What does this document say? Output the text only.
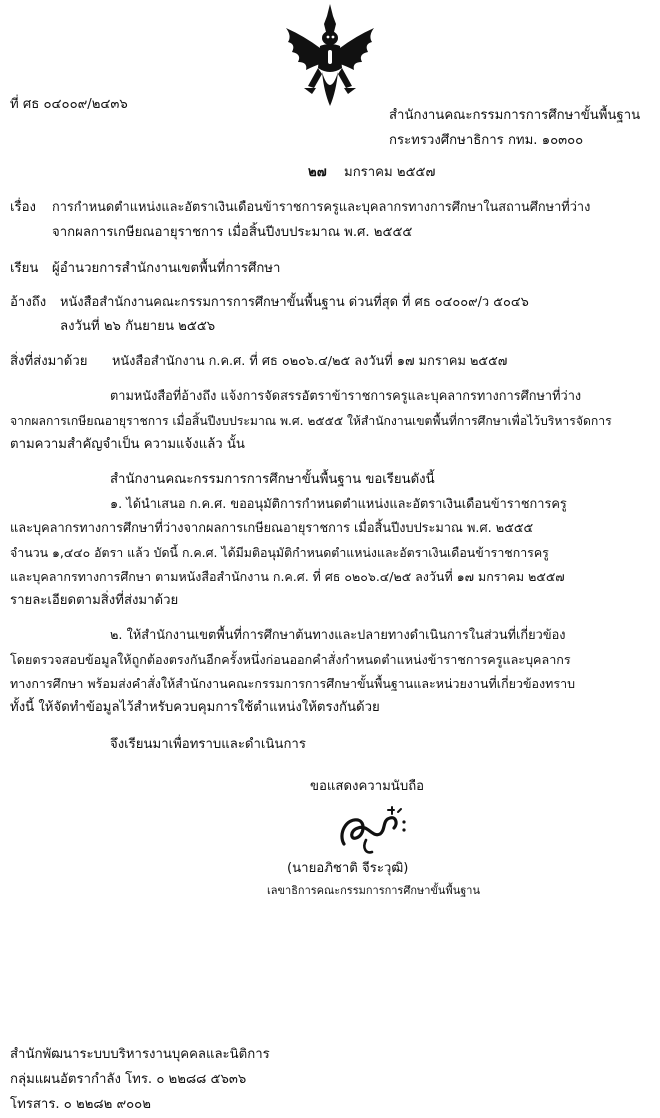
ที่ ศธ ๐๔๐๐๙/๒๔๓๖
สำนักงานคณะกรรมการการศึกษาขั้นพื้นฐาน
กระทรวงศึกษาธิการ กทม. ๑๐๓๐๐
๒๗ มกราคม ๒๕๕๗
เรื่อง การกำหนดตำแหน่งและอัตราเงินเดือนข้าราชการครูและบุคลากรทางการศึกษาในสถานศึกษาที่ว่าง
จากผลการเกษียณอายุราชการ เมื่อสิ้นปีงบประมาณ พ.ศ. ๒๕๕๕
เรียน ผู้อำนวยการสำนักงานเขตพื้นที่การศึกษา
อ้างถึง หนังสือสำนักงานคณะกรรมการการศึกษาขั้นพื้นฐาน ด่วนที่สุด ที่ ศธ ๐๔๐๐๙/ว ๕๐๔๖
ลงวันที่ ๒๖ กันยายน ๒๕๕๖
สิ่งที่ส่งมาด้วย หนังสือสำนักงาน ก.ค.ศ. ที่ ศธ ๐๒๐๖.๔/๒๕ ลงวันที่ ๑๗ มกราคม ๒๕๕๗
ตามหนังสือที่อ้างถึง แจ้งการจัดสรรอัตราข้าราชการครูและบุคลากรทางการศึกษาที่ว่าง
จากผลการเกษียณอายุราชการ เมื่อสิ้นปีงบประมาณ พ.ศ. ๒๕๕๕ ให้สำนักงานเขตพื้นที่การศึกษาเพื่อไว้บริหารจัดการ
ตามความสำคัญจำเป็น ความแจ้งแล้ว นั้น
สำนักงานคณะกรรมการการศึกษาขั้นพื้นฐาน ขอเรียนดังนี้
๑. ได้นำเสนอ ก.ค.ศ. ขออนุมัติการกำหนดตำแหน่งและอัตราเงินเดือนข้าราชการครู
และบุคลากรทางการศึกษาที่ว่างจากผลการเกษียณอายุราชการ เมื่อสิ้นปีงบประมาณ พ.ศ. ๒๕๕๕
จำนวน ๑,๔๔๐ อัตรา แล้ว บัดนี้ ก.ค.ศ. ได้มีมติอนุมัติกำหนดตำแหน่งและอัตราเงินเดือนข้าราชการครู
และบุคลากรทางการศึกษา ตามหนังสือสำนักงาน ก.ค.ศ. ที่ ศธ ๐๒๐๖.๔/๒๕ ลงวันที่ ๑๗ มกราคม ๒๕๕๗
รายละเอียดตามสิ่งที่ส่งมาด้วย
๒. ให้สำนักงานเขตพื้นที่การศึกษาต้นทางและปลายทางดำเนินการในส่วนที่เกี่ยวข้อง
โดยตรวจสอบข้อมูลให้ถูกต้องตรงกันอีกครั้งหนึ่งก่อนออกคำสั่งกำหนดตำแหน่งข้าราชการครูและบุคลากร
ทางการศึกษา พร้อมส่งคำสั่งให้สำนักงานคณะกรรมการการศึกษาขั้นพื้นฐานและหน่วยงานที่เกี่ยวข้องทราบ
ทั้งนี้ ให้จัดทำข้อมูลไว้สำหรับควบคุมการใช้ตำแหน่งให้ตรงกันด้วย
จึงเรียนมาเพื่อทราบและดำเนินการ
ขอแสดงความนับถือ
(นายอภิชาติ จีระวุฒิ)
เลขาธิการคณะกรรมการการศึกษาขั้นพื้นฐาน
สำนักพัฒนาระบบบริหารงานบุคคลและนิติการ
กลุ่มแผนอัตรากำลัง โทร. ๐ ๒๒๘๘ ๕๖๓๖
โทรสาร. ๐ ๒๒๘๒ ๙๐๐๒
